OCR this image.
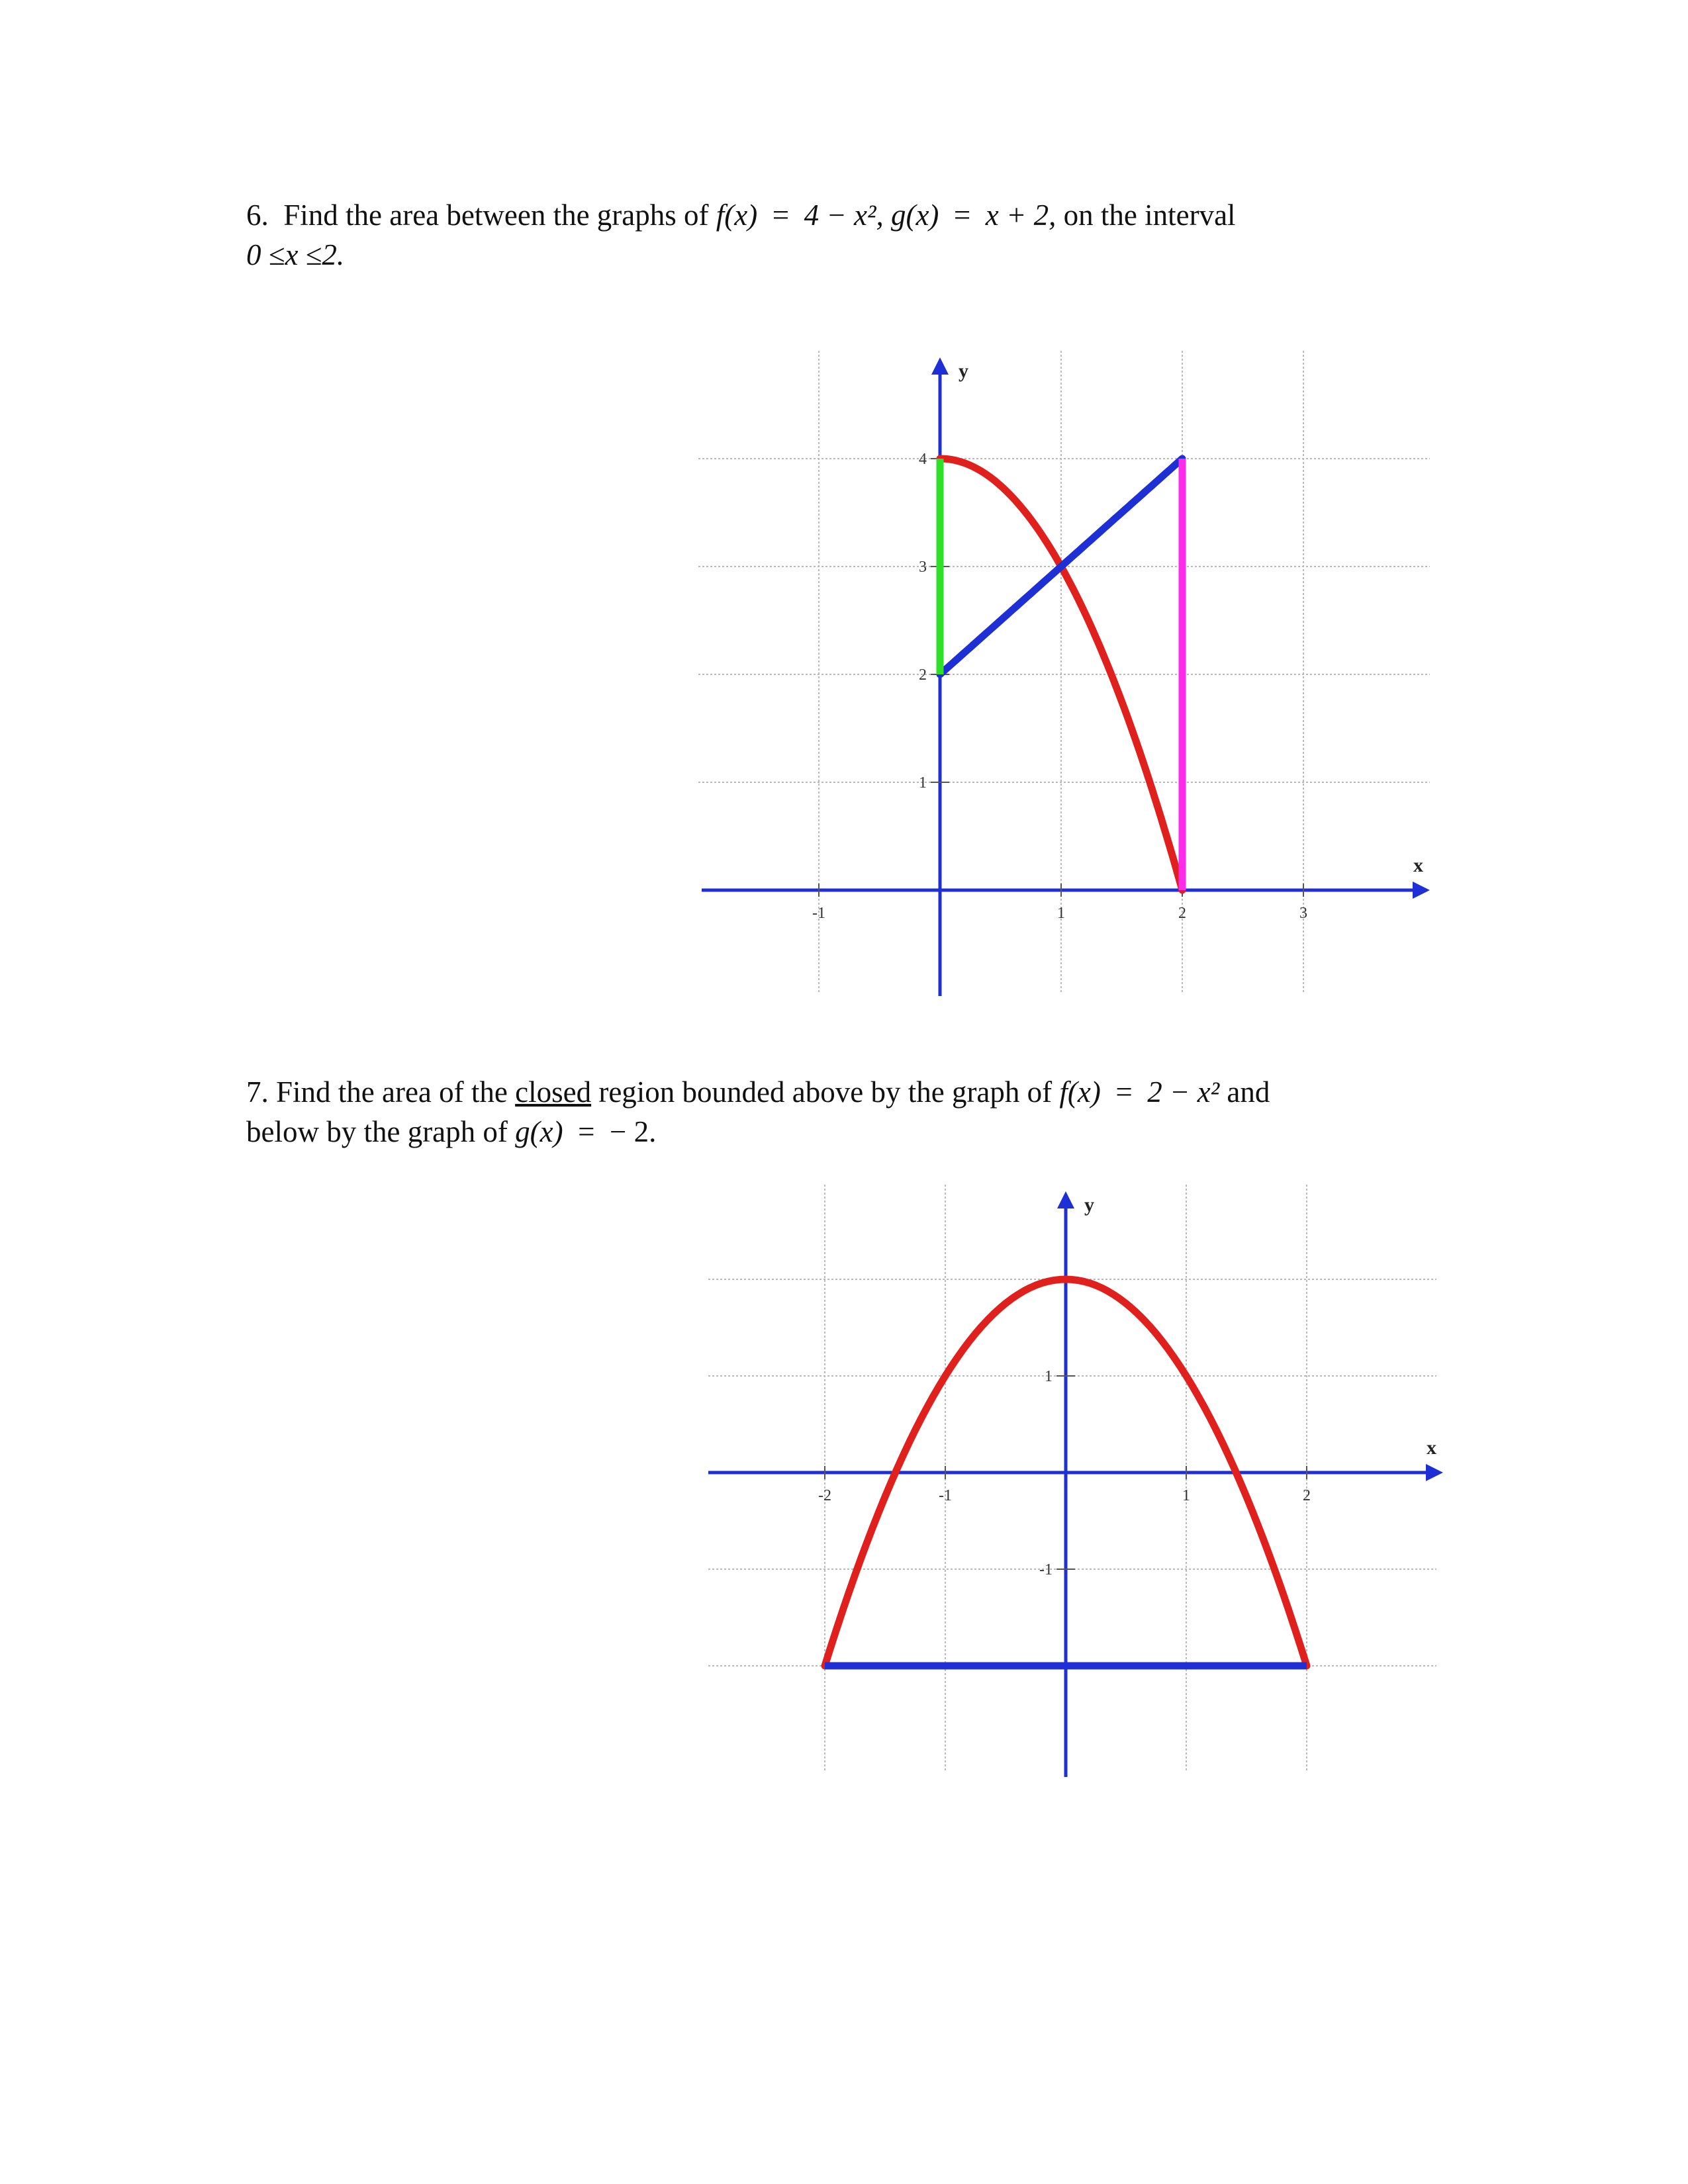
6. Find the area between the graphs of f(x) = 4 − x², g(x) = x + 2, on the interval
0 ≤x ≤2.
x
y
-1	1	2	3
1
2
3
4
7. Find the area of the closed region bounded above by the graph of f(x) = 2 − x² and
below by the graph of g(x) = − 2.
x
y
-2	-1	1	2
-1
1
